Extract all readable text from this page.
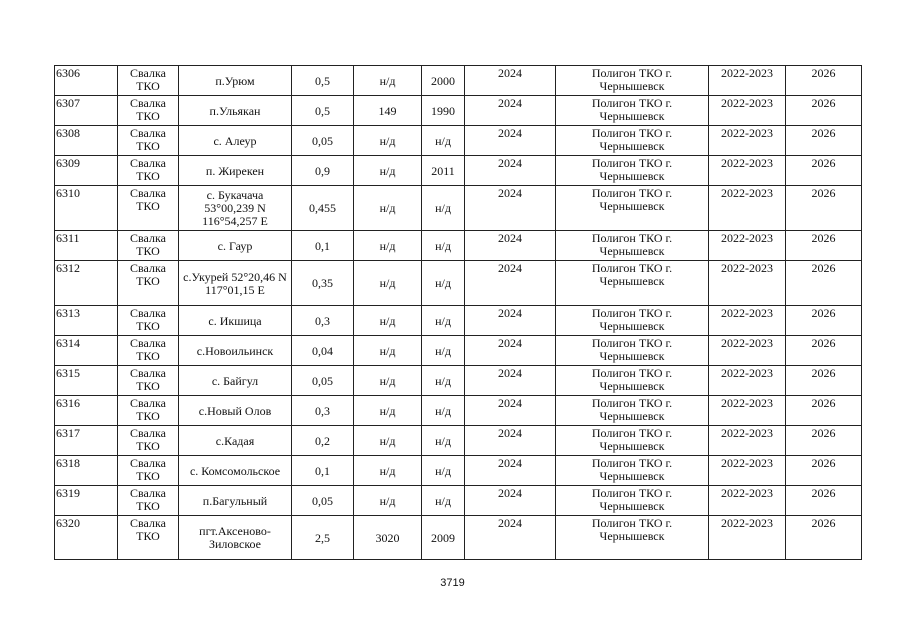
6306	Свалка ТКО	п.Урюм	0,5	н/д	2000	2024	Полигон ТКО г. Чернышевск	2022-2023	2026
6307	Свалка ТКО	п.Ульякан	0,5	149	1990	2024	Полигон ТКО г. Чернышевск	2022-2023	2026
6308	Свалка ТКО	с. Алеур	0,05	н/д	н/д	2024	Полигон ТКО г. Чернышевск	2022-2023	2026
6309	Свалка ТКО	п. Жирекен	0,9	н/д	2011	2024	Полигон ТКО г. Чернышевск	2022-2023	2026
6310	Свалка ТКО	с. Букачача 53°00,239 N 116°54,257 E	0,455	н/д	н/д	2024	Полигон ТКО г. Чернышевск	2022-2023	2026
6311	Свалка ТКО	с. Гаур	0,1	н/д	н/д	2024	Полигон ТКО г. Чернышевск	2022-2023	2026
6312	Свалка ТКО	с.Укурей 52°20,46 N 117°01,15 E	0,35	н/д	н/д	2024	Полигон ТКО г. Чернышевск	2022-2023	2026
6313	Свалка ТКО	с. Икшица	0,3	н/д	н/д	2024	Полигон ТКО г. Чернышевск	2022-2023	2026
6314	Свалка ТКО	с.Новоильинск	0,04	н/д	н/д	2024	Полигон ТКО г. Чернышевск	2022-2023	2026
6315	Свалка ТКО	с. Байгул	0,05	н/д	н/д	2024	Полигон ТКО г. Чернышевск	2022-2023	2026
6316	Свалка ТКО	с.Новый Олов	0,3	н/д	н/д	2024	Полигон ТКО г. Чернышевск	2022-2023	2026
6317	Свалка ТКО	с.Кадая	0,2	н/д	н/д	2024	Полигон ТКО г. Чернышевск	2022-2023	2026
6318	Свалка ТКО	с. Комсомольское	0,1	н/д	н/д	2024	Полигон ТКО г. Чернышевск	2022-2023	2026
6319	Свалка ТКО	п.Багульный	0,05	н/д	н/д	2024	Полигон ТКО г. Чернышевск	2022-2023	2026
6320	Свалка ТКО	пгт.Аксеново-Зиловское	2,5	3020	2009	2024	Полигон ТКО г. Чернышевск	2022-2023	2026
3719
